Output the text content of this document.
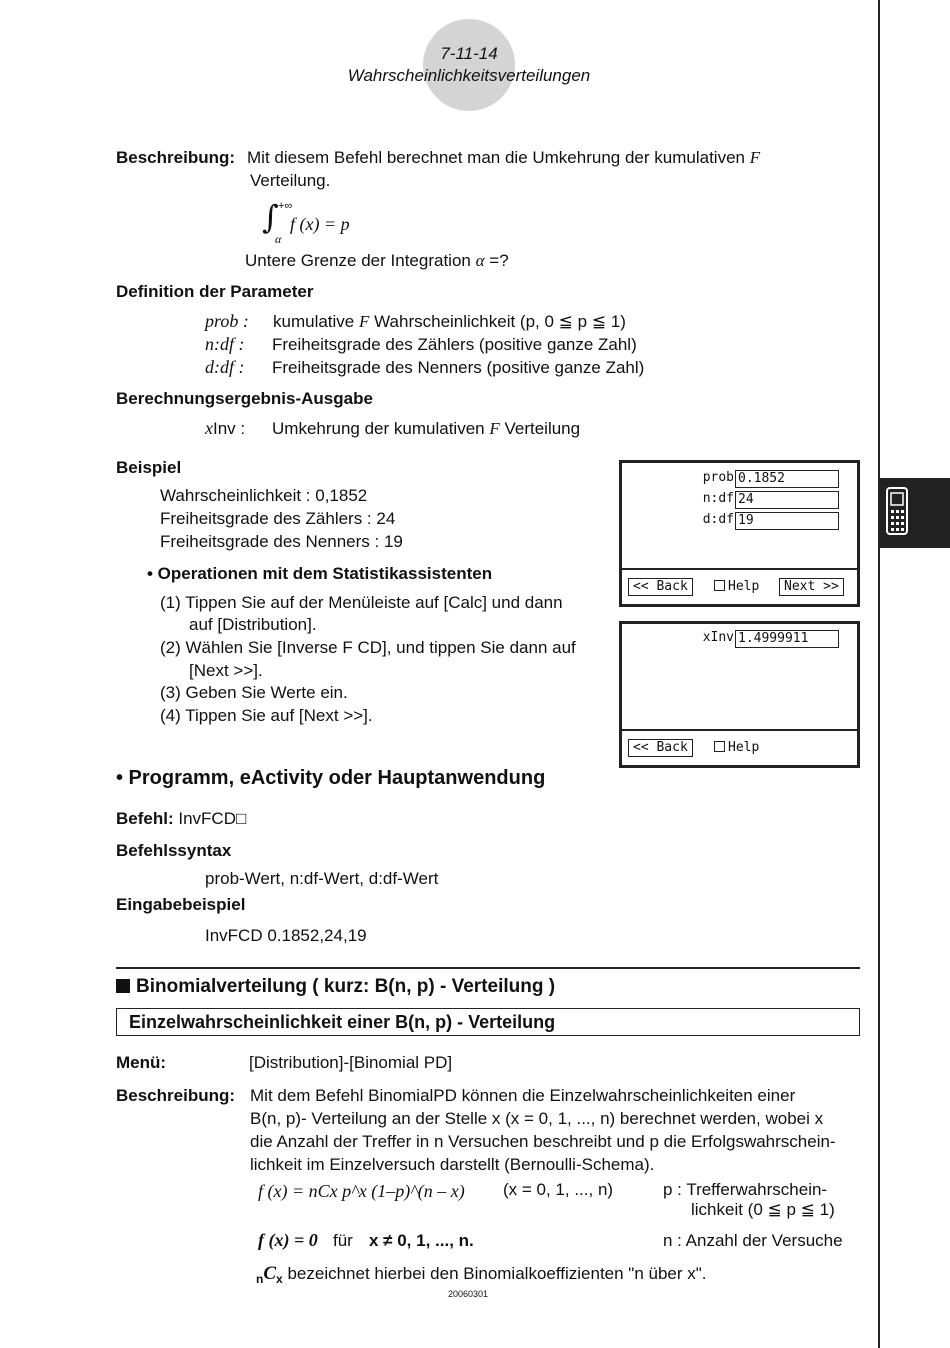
7-11-14
Wahrscheinlichkeitsverteilungen
Beschreibung: Mit diesem Befehl berechnet man die Umkehrung der kumulativen F
Verteilung.
∫ +∞
α
f (x) = p
Untere Grenze der Integration α =?
Definition der Parameter
prob : kumulative F Wahrscheinlichkeit (p, 0 ≦ p ≦ 1)
n:df : Freiheitsgrade des Zählers (positive ganze Zahl)
d:df : Freiheitsgrade des Nenners (positive ganze Zahl)
Berechnungsergebnis-Ausgabe
xInv : Umkehrung der kumulativen F Verteilung
Beispiel
Wahrscheinlichkeit : 0,1852
Freiheitsgrade des Zählers : 24
Freiheitsgrade des Nenners : 19
• Operationen mit dem Statistikassistenten
(1) Tippen Sie auf der Menüleiste auf [Calc] und dann
auf [Distribution].
(2) Wählen Sie [Inverse F CD], und tippen Sie dann auf
[Next >>].
(3) Geben Sie Werte ein.
(4) Tippen Sie auf [Next >>].
prob 0.1852
n:df 24
d:df 19
<< Back	Help	Next >>
xInv 1.4999911
<< Back	Help
• Programm, eActivity oder Hauptanwendung
Befehl: InvFCD□
Befehlssyntax
prob-Wert, n:df-Wert, d:df-Wert
Eingabebeispiel
InvFCD 0.1852,24,19
Binomialverteilung ( kurz: B(n, p) - Verteilung )
Einzelwahrscheinlichkeit einer B(n, p) - Verteilung
Menü:	[Distribution]-[Binomial PD]
Beschreibung: Mit dem Befehl BinomialPD können die Einzelwahrscheinlichkeiten einer
B(n, p)- Verteilung an der Stelle x (x = 0, 1, ..., n) berechnet werden, wobei x
die Anzahl der Treffer in n Versuchen beschreibt und p die Erfolgswahrschein-
lichkeit im Einzelversuch darstellt (Bernoulli-Schema).
f (x) = nCx p^x (1–p)^(n – x) (x = 0, 1, ..., n)	p : Trefferwahrschein-
lichkeit (0 ≦ p ≦ 1)
f (x) = 0 für x ≠ 0, 1, ..., n.	n : Anzahl der Versuche
$_nC_x$ bezeichnet hierbei den Binomialkoeffizienten "n über x".
20060301
